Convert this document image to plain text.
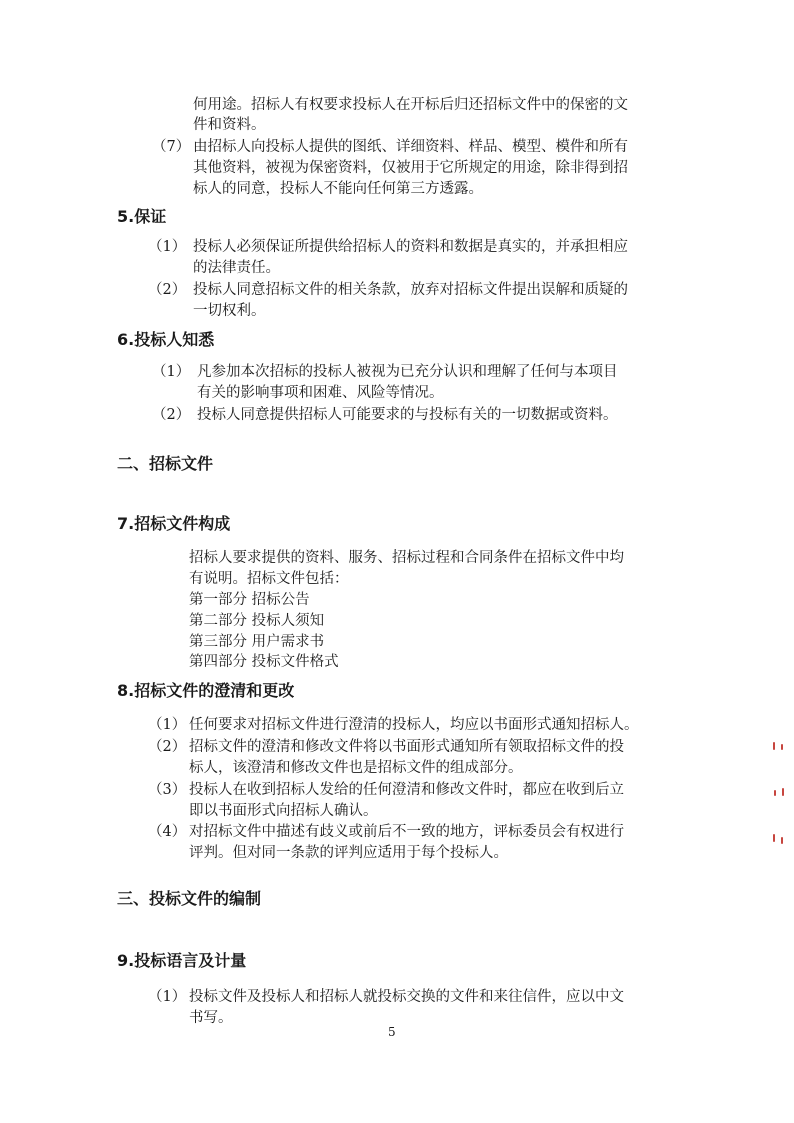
何用途。招标人有权要求投标人在开标后归还招标文件中的保密的文
件和资料。
（7） 由招标人向投标人提供的图纸、详细资料、样品、模型、模件和所有
其他资料，被视为保密资料，仅被用于它所规定的用途，除非得到招
标人的同意，投标人不能向任何第三方透露。
5.保证
（1） 投标人必须保证所提供给招标人的资料和数据是真实的，并承担相应
的法律责任。
（2） 投标人同意招标文件的相关条款，放弃对招标文件提出误解和质疑的
一切权利。
6.投标人知悉
（1） 凡参加本次招标的投标人被视为已充分认识和理解了任何与本项目
有关的影响事项和困难、风险等情况。
（2） 投标人同意提供招标人可能要求的与投标有关的一切数据或资料。
二、招标文件
7.招标文件构成
招标人要求提供的资料、服务、招标过程和合同条件在招标文件中均
有说明。招标文件包括：
第一部分 招标公告
第二部分 投标人须知
第三部分 用户需求书
第四部分 投标文件格式
8.招标文件的澄清和更改
（1） 任何要求对招标文件进行澄清的投标人，均应以书面形式通知招标人。
（2） 招标文件的澄清和修改文件将以书面形式通知所有领取招标文件的投
标人，该澄清和修改文件也是招标文件的组成部分。
（3） 投标人在收到招标人发给的任何澄清和修改文件时，都应在收到后立
即以书面形式向招标人确认。
（4） 对招标文件中描述有歧义或前后不一致的地方，评标委员会有权进行
评判。但对同一条款的评判应适用于每个投标人。
三、投标文件的编制
9.投标语言及计量
（1） 投标文件及投标人和招标人就投标交换的文件和来往信件，应以中文
书写。
5
